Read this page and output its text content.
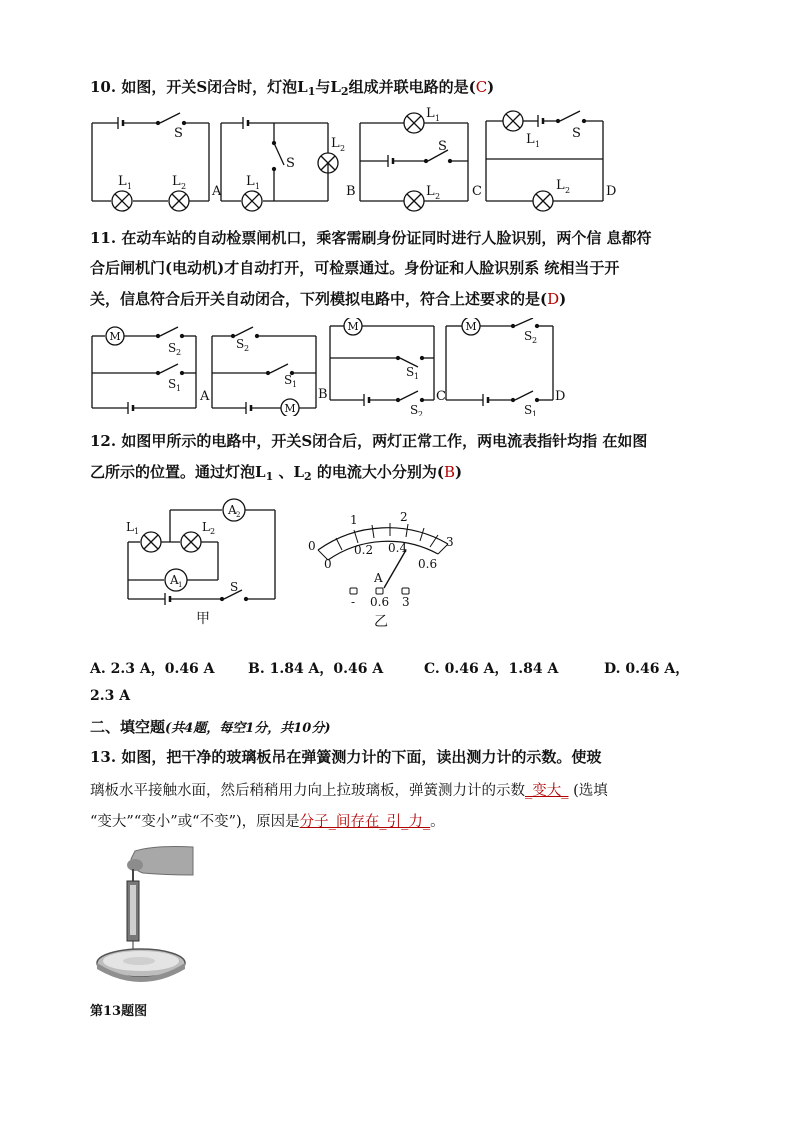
10. 如图，开关S闭合时，灯泡$L_1$与$L_2$组成并联电路的是(C)
S
L 1	L 2 A
S
L 1
L 2
B
L 1
S
L 2 C
L 1
S
L 2	D
11. 在动车站的自动检票闸机口，乘客需刷身份证同时进行人脸识别，两个信 息都符
合后闸机门(电动机)才自动打开，可检票通过。身份证和人脸识别系 统相当于开
关，信息符合后开关自动闭合，下列模拟电路中，符合上述要求的是(D)
M
M
M	M
S 2
S 1
A
S 2
S 1
B
S 1
S 2
C
S 2
S 1
D
12. 如图甲所示的电路中，开关S闭合后，两灯正常工作，两电流表指针均指 在如图
乙所示的位置。通过灯泡$L_1$ 、$L_2$ 的电流大小分别为(B)
L 1	L 2
A 2
A 1	S
甲
0
1	2
3
0
0.2 0.4
0.6
A
- 0.6 3
乙
A. 2.3 A，0.46 A B. 1.84 A，0.46 A	C. 0.46 A，1.84 A	D. 0.46 A，
2.3 A
二、填空题(共4题，每空1分，共10分)
13. 如图，把干净的玻璃板吊在弹簧测力计的下面，读出测力计的示数。使玻
璃板水平接触水面，然后稍稍用力向上拉玻璃板，弹簧测力计的示数_变大_ (选填
“变大”“变小”或“不变”)，原因是分子_间存在_引_力_。
第13题图
